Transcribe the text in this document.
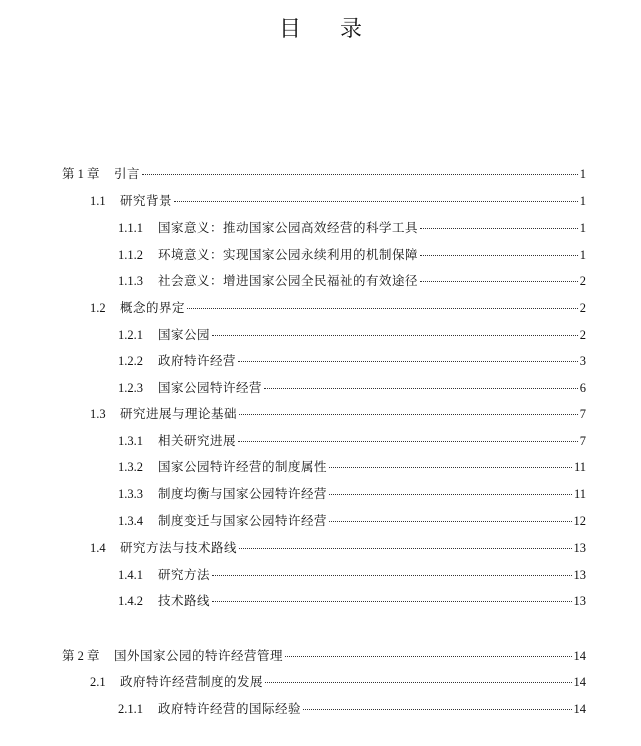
目 录
第 1 章	引言	1
1.1	研究背景	1
1.1.1	国家意义：推动国家公园高效经营的科学工具	1
1.1.2	环境意义：实现国家公园永续利用的机制保障	1
1.1.3	社会意义：增进国家公园全民福祉的有效途径	2
1.2	概念的界定	2
1.2.1	国家公园	2
1.2.2	政府特许经营	3
1.2.3	国家公园特许经营	6
1.3	研究进展与理论基础	7
1.3.1	相关研究进展	7
1.3.2	国家公园特许经营的制度属性	11
1.3.3	制度均衡与国家公园特许经营	11
1.3.4	制度变迁与国家公园特许经营	12
1.4	研究方法与技术路线	13
1.4.1	研究方法	13
1.4.2	技术路线	13
第 2 章	国外国家公园的特许经营管理	14
2.1	政府特许经营制度的发展	14
2.1.1	政府特许经营的国际经验	14
